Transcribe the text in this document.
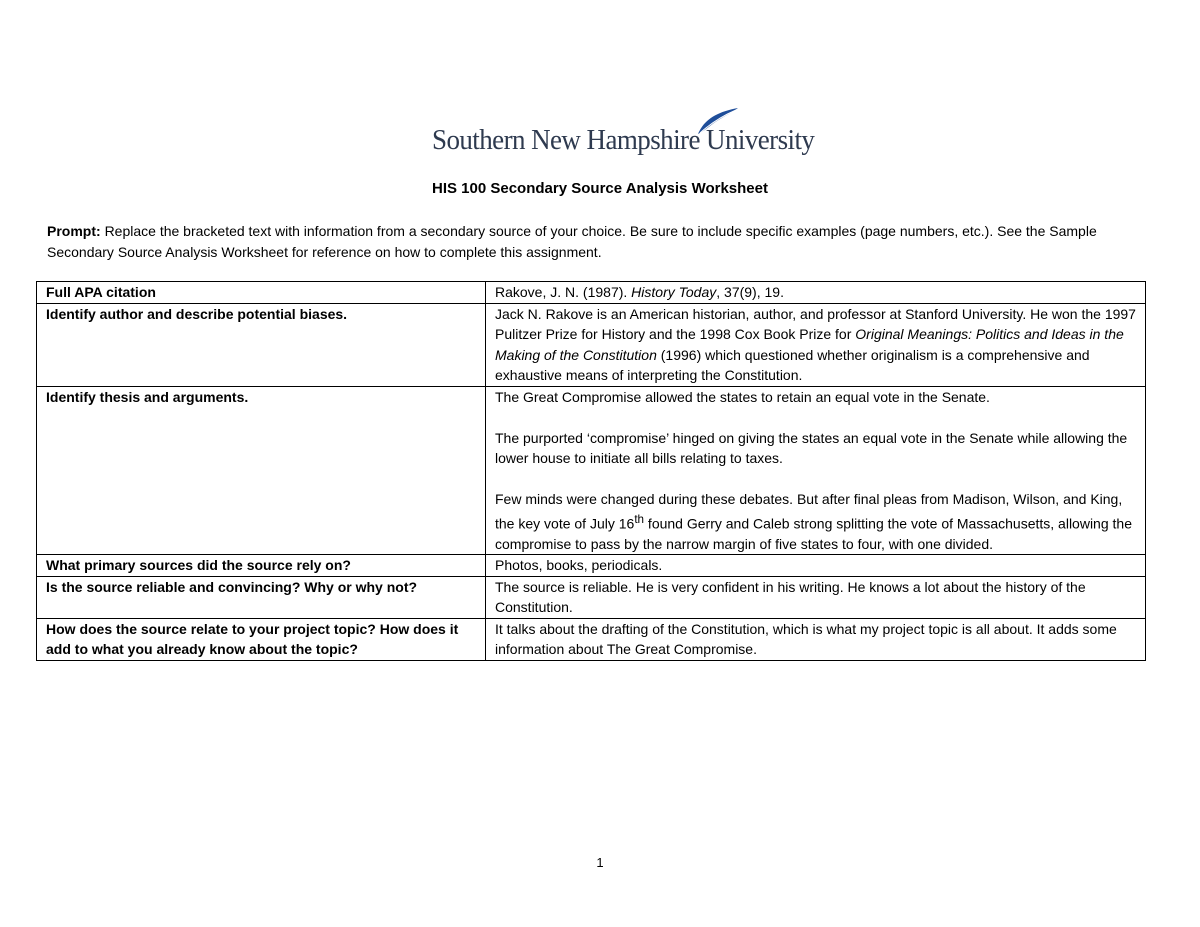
Southern New Hampshire University
HIS 100 Secondary Source Analysis Worksheet
Prompt: Replace the bracketed text with information from a secondary source of your choice. Be sure to include specific examples (page numbers, etc.). See the Sample Secondary Source Analysis Worksheet for reference on how to complete this assignment.
Full APA citation	Rakove, J. N. (1987). History Today, 37(9), 19.
Identify author and describe potential biases.	Jack N. Rakove is an American historian, author, and professor at Stanford University. He won the 1997 Pulitzer Prize for History and the 1998 Cox Book Prize for Original Meanings: Politics and Ideas in the Making of the Constitution (1996) which questioned whether originalism is a comprehensive and exhaustive means of interpreting the Constitution.
Identify thesis and arguments.	The Great Compromise allowed the states to retain an equal vote in the Senate.

The purported ‘compromise’ hinged on giving the states an equal vote in the Senate while allowing the lower house to initiate all bills relating to taxes.

Few minds were changed during these debates. But after final pleas from Madison, Wilson, and King, the key vote of July 16th found Gerry and Caleb strong splitting the vote of Massachusetts, allowing the compromise to pass by the narrow margin of five states to four, with one divided.

What primary sources did the source rely on?	Photos, books, periodicals.
Is the source reliable and convincing? Why or why not?	The source is reliable. He is very confident in his writing. He knows a lot about the history of the Constitution.
How does the source relate to your project topic? How does it add to what you already know about the topic?	It talks about the drafting of the Constitution, which is what my project topic is all about. It adds some information about The Great Compromise.
1
